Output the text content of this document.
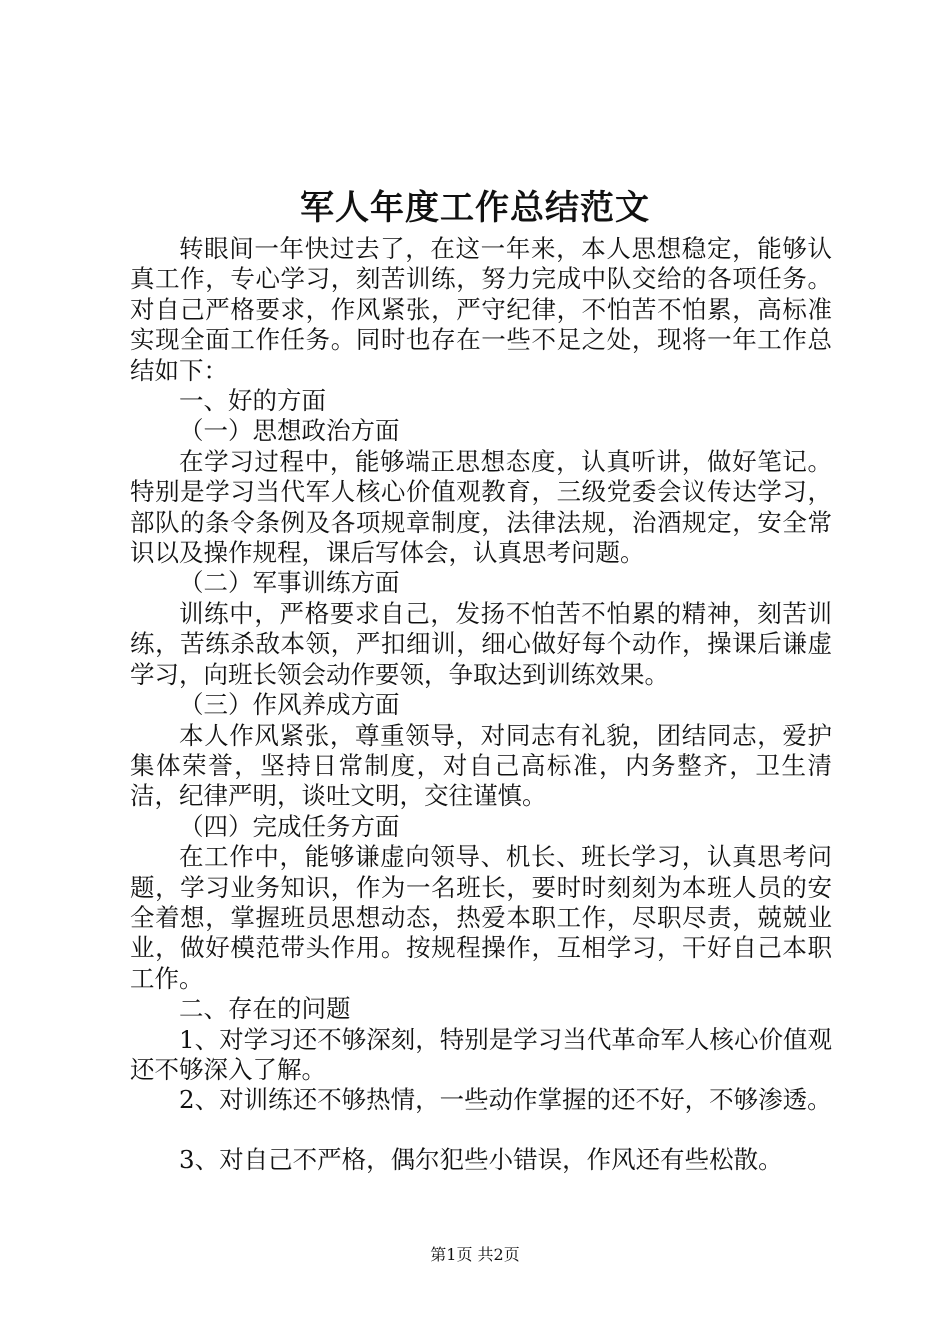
军人年度工作总结范文

转眼间一年快过去了，在这一年来，本人思想稳定，能够认真工作，专心学习，刻苦训练，努力完成中队交给的各项任务。对自己严格要求，作风紧张，严守纪律，不怕苦不怕累，高标准实现全面工作任务。同时也存在一些不足之处，现将一年工作总结如下：

一、好的方面

（一）思想政治方面

在学习过程中，能够端正思想态度，认真听讲，做好笔记。特别是学习当代军人核心价值观教育，三级党委会议传达学习，部队的条令条例及各项规章制度，法律法规，治酒规定，安全常识以及操作规程，课后写体会，认真思考问题。

（二）军事训练方面

训练中，严格要求自己，发扬不怕苦不怕累的精神，刻苦训练，苦练杀敌本领，严扣细训，细心做好每个动作，操课后谦虚学习，向班长领会动作要领，争取达到训练效果。

（三）作风养成方面

本人作风紧张，尊重领导，对同志有礼貌，团结同志，爱护集体荣誉，坚持日常制度，对自己高标准，内务整齐，卫生清洁，纪律严明，谈吐文明，交往谨慎。

（四）完成任务方面

在工作中，能够谦虚向领导、机长、班长学习，认真思考问题，学习业务知识，作为一名班长，要时时刻刻为本班人员的安全着想，掌握班员思想动态，热爱本职工作，尽职尽责，兢兢业业，做好模范带头作用。按规程操作，互相学习，干好自己本职工作。

二、存在的问题

1、对学习还不够深刻，特别是学习当代革命军人核心价值观还不够深入了解。

2、对训练还不够热情，一些动作掌握的还不好，不够渗透。

3、对自己不严格，偶尔犯些小错误，作风还有些松散。

第1页 共2页
